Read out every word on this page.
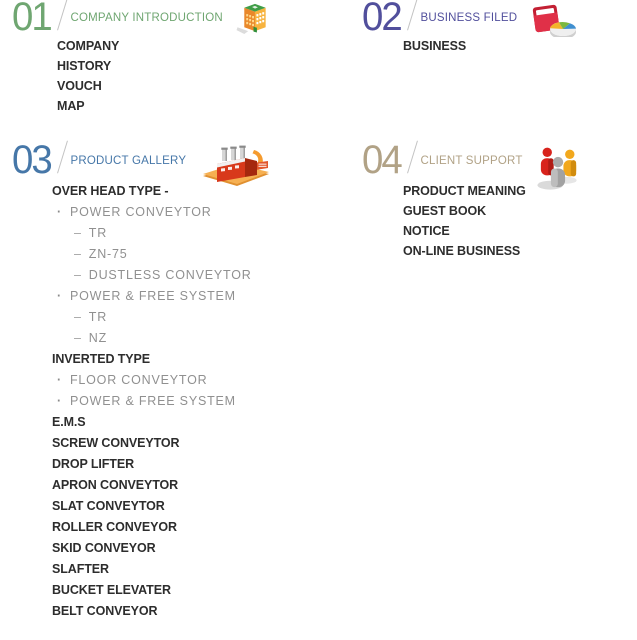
01 COMPANY INTRODUCTION
COMPANY
HISTORY
VOUCH
MAP
02 BUSINESS FILED
BUSINESS
03 PRODUCT GALLERY
OVER HEAD TYPE -
· POWER CONVEYTOR
– TR
– ZN-75
– DUSTLESS CONVEYTOR
· POWER & FREE SYSTEM
– TR
– NZ
INVERTED TYPE
· FLOOR CONVEYTOR
· POWER & FREE SYSTEM
E.M.S
SCREW CONVEYTOR
DROP LIFTER
APRON CONVEYTOR
SLAT CONVEYTOR
ROLLER CONVEYOR
SKID CONVEYOR
SLAFTER
BUCKET ELEVATER
BELT CONVEYOR
04 CLIENT SUPPORT
PRODUCT MEANING
GUEST BOOK
NOTICE
ON-LINE BUSINESS
